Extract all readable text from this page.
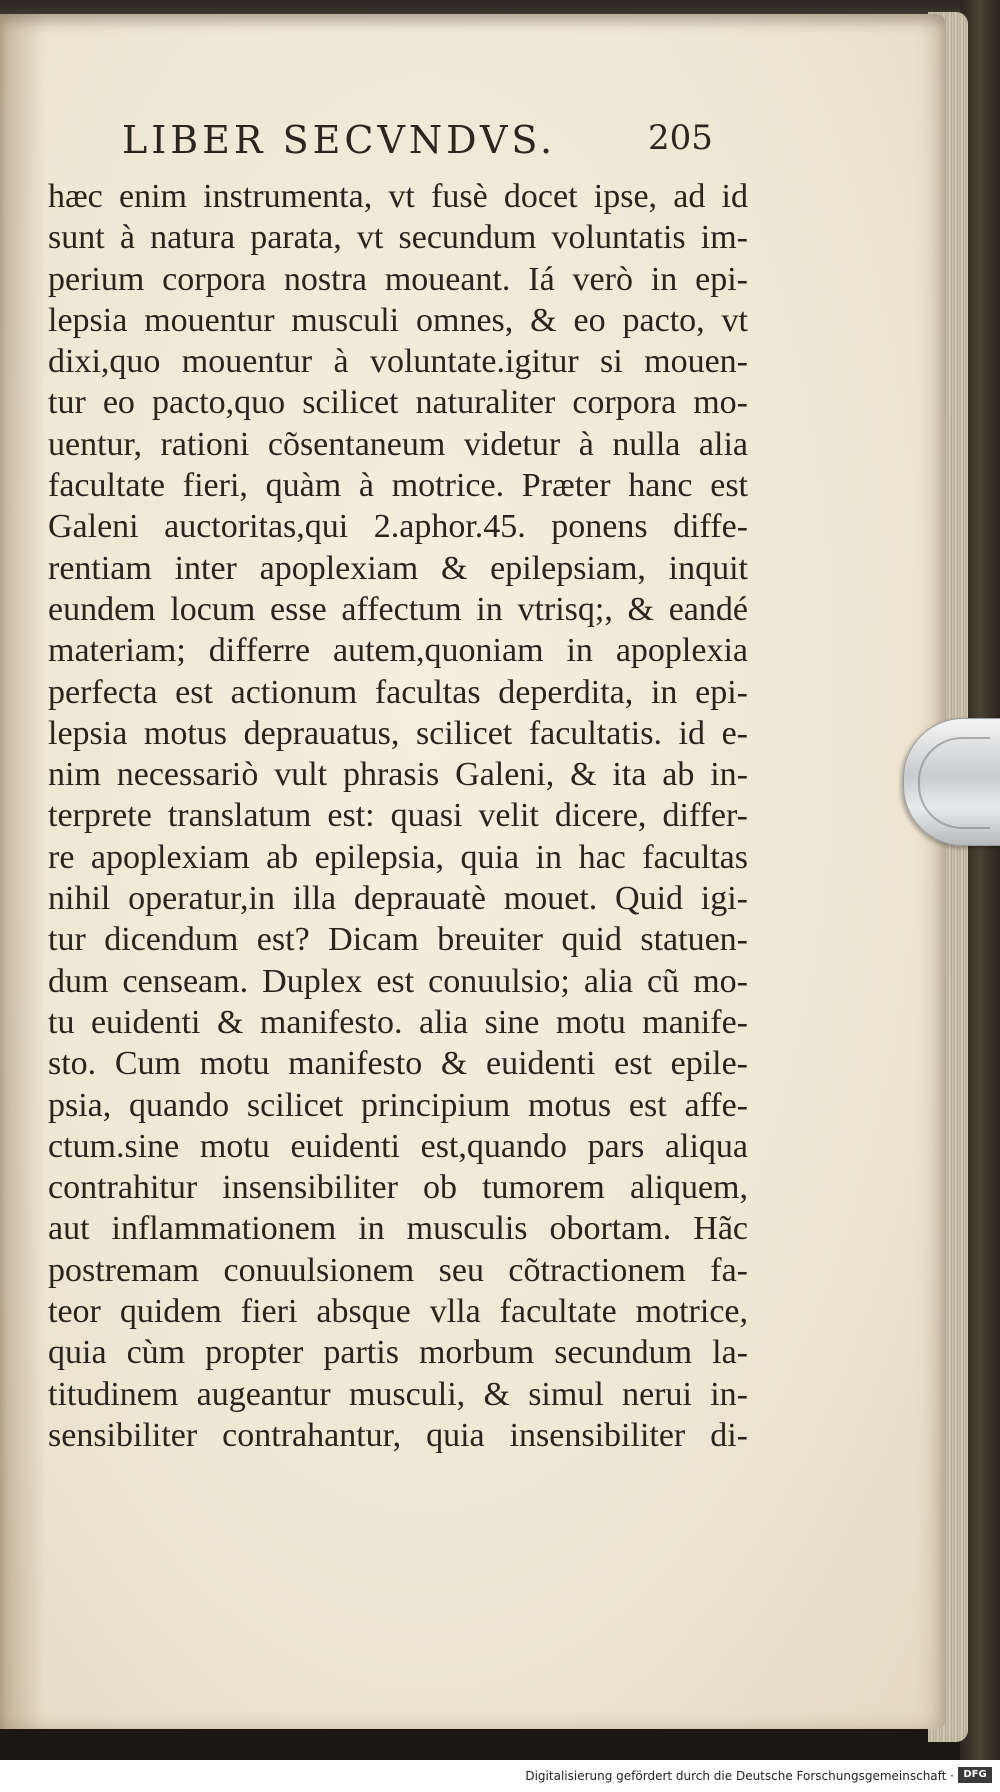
LIBER SECVNDVS.	205
hæc enim instrumenta, vt fusè docet ipse, ad id
sunt à natura parata, vt secundum voluntatis im-
perium corpora nostra moueant. Iá verò in epi-
lepsia mouentur musculi omnes, & eo pacto, vt
dixi,quo mouentur à voluntate.igitur si mouen-
tur eo pacto,quo scilicet naturaliter corpora mo-
uentur, rationi cõsentaneum videtur à nulla alia
facultate fieri, quàm à motrice. Præter hanc est
Galeni auctoritas,qui 2.aphor.45. ponens diffe-
rentiam inter apoplexiam & epilepsiam, inquit
eundem locum esse affectum in vtrisq;, & eandé
materiam; differre autem,quoniam in apoplexia
perfecta est actionum facultas deperdita, in epi-
lepsia motus deprauatus, scilicet facultatis. id e-
nim necessariò vult phrasis Galeni, & ita ab in-
terprete translatum est: quasi velit dicere, differ-
re apoplexiam ab epilepsia, quia in hac facultas
nihil operatur,in illa deprauatè mouet. Quid igi-
tur dicendum est? Dicam breuiter quid statuen-
dum censeam. Duplex est conuulsio; alia cũ mo-
tu euidenti & manifesto. alia sine motu manife-
sto. Cum motu manifesto & euidenti est epile-
psia, quando scilicet principium motus est affe-
ctum.sine motu euidenti est,quando pars aliqua
contrahitur insensibiliter ob tumorem aliquem,
aut inflammationem in musculis obortam. Hãc
postremam conuulsionem seu cõtractionem fa-
teor quidem fieri absque vlla facultate motrice,
quia cùm propter partis morbum secundum la-
titudinem augeantur musculi, & simul nerui in-
sensibiliter contrahantur, quia insensibiliter di-
Digitalisierung gefördert durch die Deutsche Forschungsgemeinschaft · DFG
